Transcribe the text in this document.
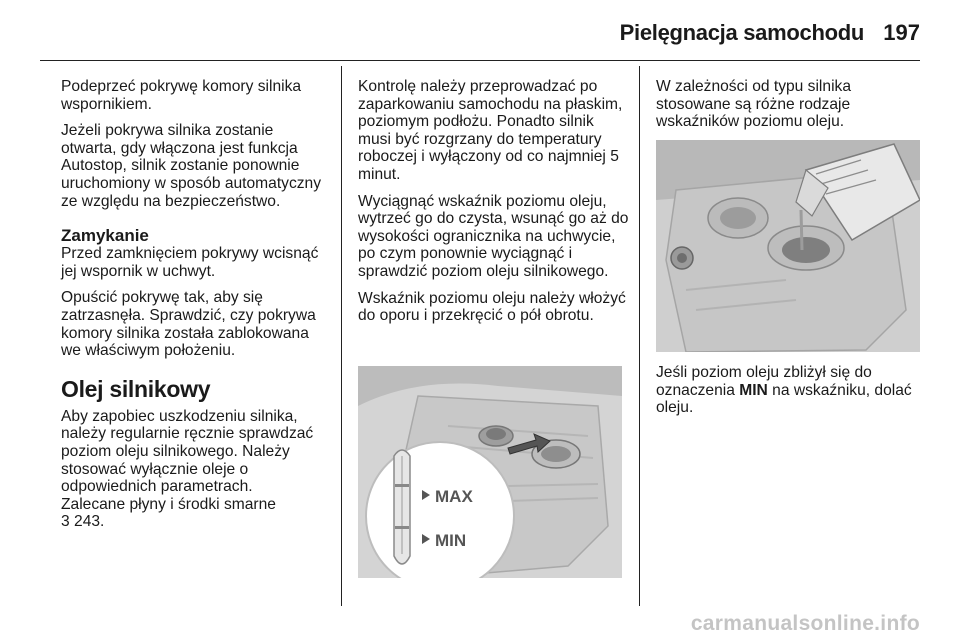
Pielęgnacja samochodu 197

Podeprzeć pokrywę komory silnika wspornikiem.

Jeżeli pokrywa silnika zostanie otwarta, gdy włączona jest funkcja Autostop, silnik zostanie ponownie uruchomiony w sposób automatyczny ze względu na bezpieczeństwo.

Zamykanie

Przed zamknięciem pokrywy wcisnąć jej wspornik w uchwyt.

Opuścić pokrywę tak, aby się zatrzasnęła. Sprawdzić, czy pokrywa komory silnika została zablokowana we właściwym położeniu.

Olej silnikowy

Aby zapobiec uszkodzeniu silnika, należy regularnie ręcznie sprawdzać poziom oleju silnikowego. Należy stosować wyłącznie oleje o odpowiednich parametrach.

Zalecane płyny i środki smarne

3 243.

Kontrolę należy przeprowadzać po zaparkowaniu samochodu na płaskim, poziomym podłożu. Ponadto silnik musi być rozgrzany do temperatury roboczej i wyłączony od co najmniej 5 minut.

Wyciągnąć wskaźnik poziomu oleju, wytrzeć go do czysta, wsunąć go aż do wysokości ogranicznika na uchwycie, po czym ponownie wyciągnąć i sprawdzić poziom oleju silnikowego.

Wskaźnik poziomu oleju należy włożyć do oporu i przekręcić o pół obrotu.

MAX
MIN

W zależności od typu silnika stosowane są różne rodzaje wskaźników poziomu oleju.

Jeśli poziom oleju zbliżył się do oznaczenia MIN na wskaźniku, dolać oleju.

carmanualsonline.info
